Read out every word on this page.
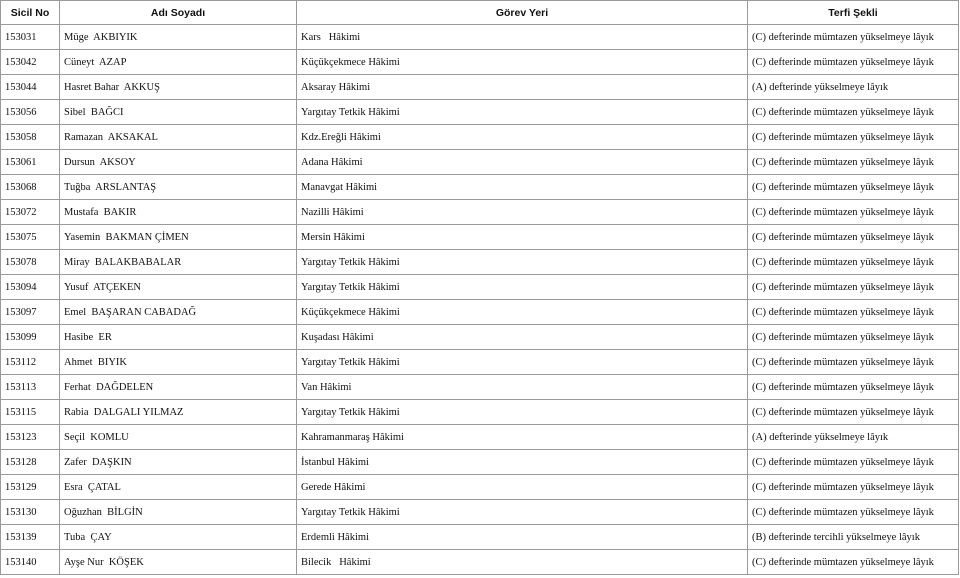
Sicil No	Adı Soyadı	Görev Yeri	Terfi Şekli
153031	Müge  AKBIYIK	Kars   Hâkimi	(C) defterinde mümtazen yükselmeye lâyık
153042	Cüneyt  AZAP	Küçükçekmece Hâkimi	(C) defterinde mümtazen yükselmeye lâyık
153044	Hasret Bahar  AKKUŞ	Aksaray Hâkimi	(A) defterinde yükselmeye lâyık
153056	Sibel  BAĞCI	Yargıtay Tetkik Hâkimi	(C) defterinde mümtazen yükselmeye lâyık
153058	Ramazan  AKSAKAL	Kdz.Ereğli Hâkimi	(C) defterinde mümtazen yükselmeye lâyık
153061	Dursun  AKSOY	Adana Hâkimi	(C) defterinde mümtazen yükselmeye lâyık
153068	Tuğba  ARSLANTAŞ	Manavgat Hâkimi	(C) defterinde mümtazen yükselmeye lâyık
153072	Mustafa  BAKIR	Nazilli Hâkimi	(C) defterinde mümtazen yükselmeye lâyık
153075	Yasemin  BAKMAN ÇİMEN	Mersin Hâkimi	(C) defterinde mümtazen yükselmeye lâyık
153078	Miray  BALAKBABALAR	Yargıtay Tetkik Hâkimi	(C) defterinde mümtazen yükselmeye lâyık
153094	Yusuf  ATÇEKEN	Yargıtay Tetkik Hâkimi	(C) defterinde mümtazen yükselmeye lâyık
153097	Emel  BAŞARAN CABADAĞ	Küçükçekmece Hâkimi	(C) defterinde mümtazen yükselmeye lâyık
153099	Hasibe  ER	Kuşadası Hâkimi	(C) defterinde mümtazen yükselmeye lâyık
153112	Ahmet  BIYIK	Yargıtay Tetkik Hâkimi	(C) defterinde mümtazen yükselmeye lâyık
153113	Ferhat  DAĞDELEN	Van Hâkimi	(C) defterinde mümtazen yükselmeye lâyık
153115	Rabia  DALGALI YILMAZ	Yargıtay Tetkik Hâkimi	(C) defterinde mümtazen yükselmeye lâyık
153123	Seçil  KOMLU	Kahramanmaraş Hâkimi	(A) defterinde yükselmeye lâyık
153128	Zafer  DAŞKIN	İstanbul Hâkimi	(C) defterinde mümtazen yükselmeye lâyık
153129	Esra  ÇATAL	Gerede Hâkimi	(C) defterinde mümtazen yükselmeye lâyık
153130	Oğuzhan  BİLGİN	Yargıtay Tetkik Hâkimi	(C) defterinde mümtazen yükselmeye lâyık
153139	Tuba  ÇAY	Erdemli Hâkimi	(B) defterinde tercihli yükselmeye lâyık
153140	Ayşe Nur  KÖŞEK	Bilecik   Hâkimi	(C) defterinde mümtazen yükselmeye lâyık
